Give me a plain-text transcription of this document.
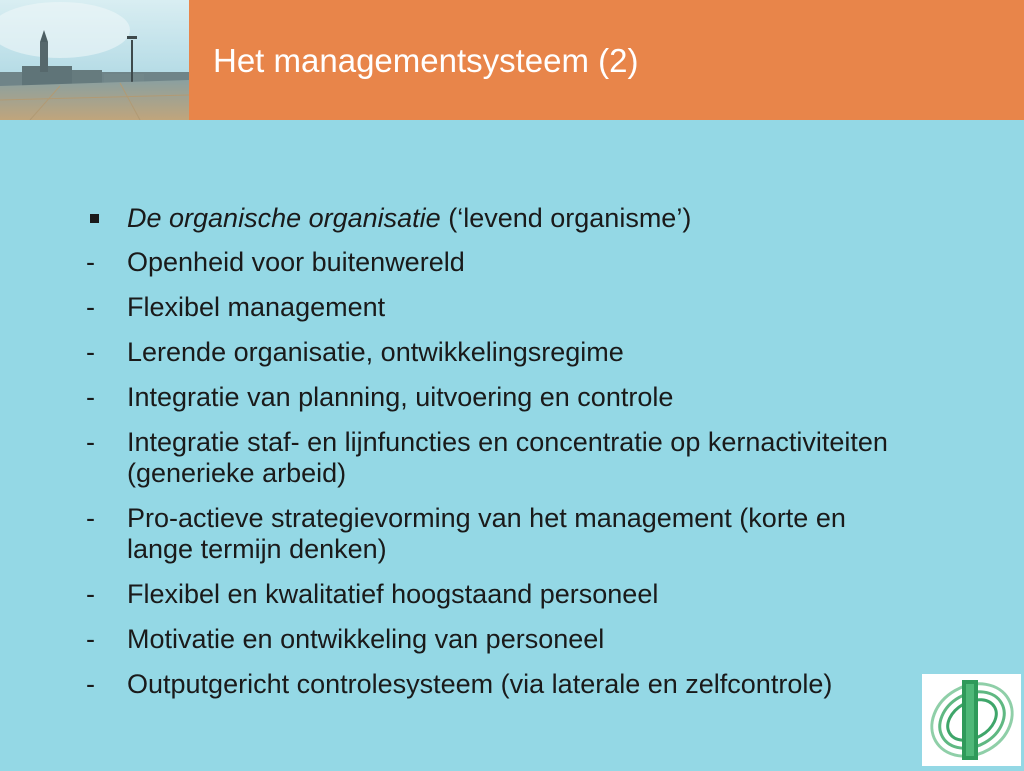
Het managementsysteem (2)
De organische organisatie (‘levend organisme’)
-	Openheid voor buitenwereld
-	Flexibel management
-	Lerende organisatie, ontwikkelingsregime
-	Integratie van planning, uitvoering en controle
-	Integratie staf- en lijnfuncties en concentratie op kernactiviteiten (generieke arbeid)
-	Pro-actieve strategievorming van het management (korte en lange termijn denken)
-	Flexibel en kwalitatief hoogstaand personeel
-	Motivatie en ontwikkeling van personeel
-	Outputgericht controlesysteem (via laterale en zelfcontrole)
